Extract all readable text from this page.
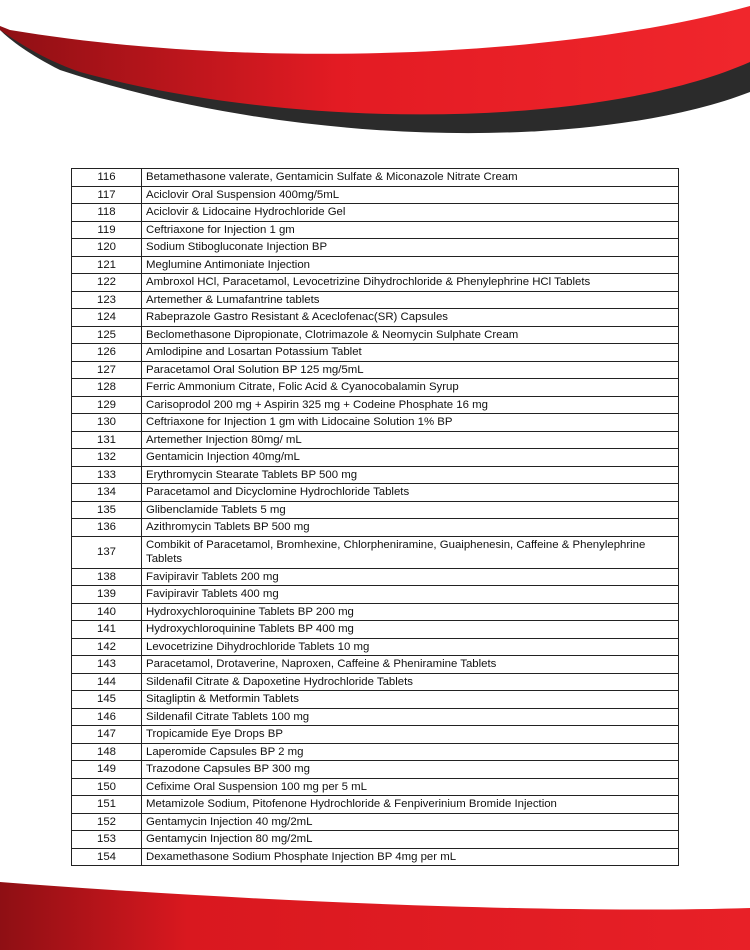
116	Betamethasone valerate, Gentamicin Sulfate & Miconazole Nitrate Cream
117	Aciclovir Oral Suspension 400mg/5mL
118	Aciclovir & Lidocaine Hydrochloride Gel
119	Ceftriaxone for Injection 1 gm
120	Sodium Stibogluconate Injection BP
121	Meglumine Antimoniate Injection
122	Ambroxol HCl, Paracetamol, Levocetrizine Dihydrochloride & Phenylephrine HCl Tablets
123	Artemether & Lumafantrine tablets
124	Rabeprazole Gastro Resistant & Aceclofenac(SR) Capsules
125	Beclomethasone Dipropionate, Clotrimazole & Neomycin Sulphate Cream
126	Amlodipine and Losartan Potassium Tablet
127	Paracetamol Oral Solution BP 125 mg/5mL
128	Ferric Ammonium Citrate, Folic Acid & Cyanocobalamin Syrup
129	Carisoprodol 200 mg + Aspirin 325 mg + Codeine Phosphate 16 mg
130	Ceftriaxone for Injection 1 gm with Lidocaine Solution 1% BP
131	Artemether Injection 80mg/ mL
132	Gentamicin Injection 40mg/mL
133	Erythromycin Stearate Tablets BP 500 mg
134	Paracetamol and Dicyclomine Hydrochloride Tablets
135	Glibenclamide Tablets 5 mg
136	Azithromycin Tablets BP 500 mg
137	Combikit of Paracetamol, Bromhexine, Chlorpheniramine, Guaiphenesin, Caffeine & Phenylephrine Tablets
138	Favipiravir Tablets 200 mg
139	Favipiravir Tablets 400 mg
140	Hydroxychloroquinine Tablets BP 200 mg
141	Hydroxychloroquinine Tablets BP 400 mg
142	Levocetrizine Dihydrochloride Tablets 10 mg
143	Paracetamol, Drotaverine, Naproxen, Caffeine & Pheniramine Tablets
144	Sildenafil Citrate & Dapoxetine Hydrochloride Tablets
145	Sitagliptin & Metformin Tablets
146	Sildenafil Citrate Tablets 100 mg
147	Tropicamide Eye Drops BP
148	Laperomide Capsules BP 2 mg
149	Trazodone Capsules BP 300 mg
150	Cefixime Oral Suspension 100 mg per 5 mL
151	Metamizole Sodium, Pitofenone Hydrochloride & Fenpiverinium Bromide Injection
152	Gentamycin Injection 40 mg/2mL
153	Gentamycin Injection 80 mg/2mL
154	Dexamethasone Sodium Phosphate Injection BP 4mg per mL
